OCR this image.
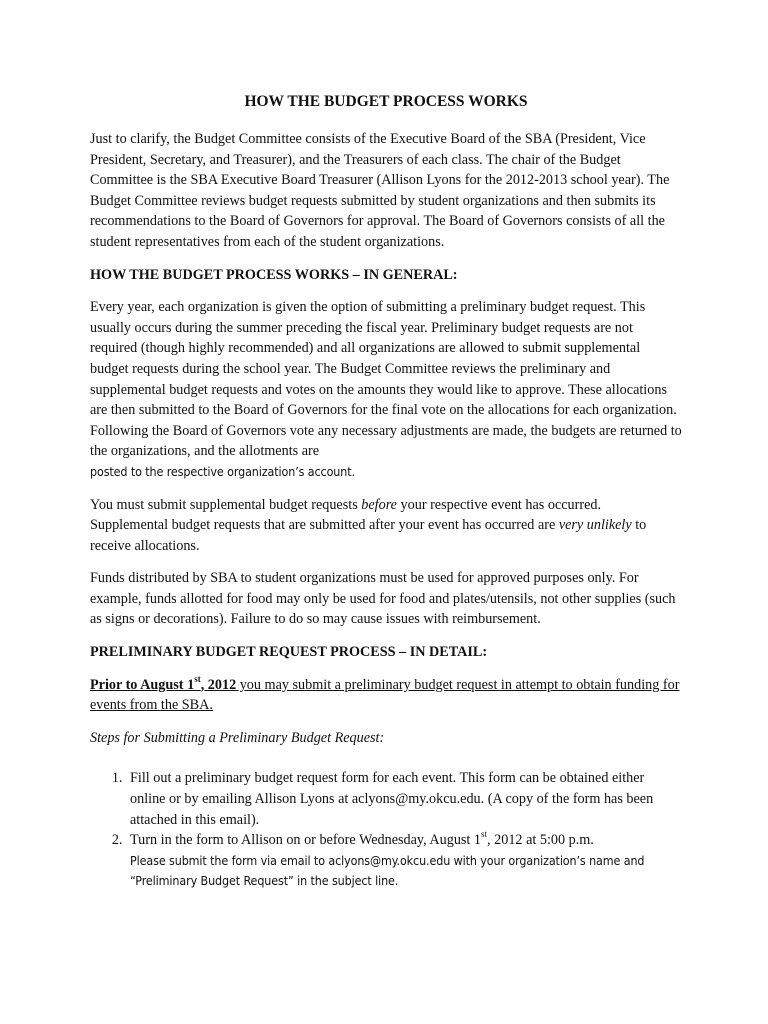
HOW THE BUDGET PROCESS WORKS

Just to clarify, the Budget Committee consists of the Executive Board of the SBA (President, Vice President, Secretary, and Treasurer), and the Treasurers of each class. The chair of the Budget Committee is the SBA Executive Board Treasurer (Allison Lyons for the 2012-2013 school year). The Budget Committee reviews budget requests submitted by student organizations and then submits its recommendations to the Board of Governors for approval. The Board of Governors consists of all the student representatives from each of the student organizations.

HOW THE BUDGET PROCESS WORKS – IN GENERAL:

Every year, each organization is given the option of submitting a preliminary budget request. This usually occurs during the summer preceding the fiscal year. Preliminary budget requests are not required (though highly recommended) and all organizations are allowed to submit supplemental budget requests during the school year. The Budget Committee reviews the preliminary and supplemental budget requests and votes on the amounts they would like to approve. These allocations are then submitted to the Board of Governors for the final vote on the allocations for each organization. Following the Board of Governors vote any necessary adjustments are made, the budgets are returned to the organizations, and the allotments are
posted to the respective organization’s account.

You must submit supplemental budget requests before your respective event has occurred. Supplemental budget requests that are submitted after your event has occurred are very unlikely to receive allocations.

Funds distributed by SBA to student organizations must be used for approved purposes only. For example, funds allotted for food may only be used for food and plates/utensils, not other supplies (such as signs or decorations). Failure to do so may cause issues with reimbursement.

PRELIMINARY BUDGET REQUEST PROCESS – IN DETAIL:

Prior to August 1st, 2012 you may submit a preliminary budget request in attempt to obtain funding for events from the SBA.

Steps for Submitting a Preliminary Budget Request:

1. Fill out a preliminary budget request form for each event. This form can be obtained either online or by emailing Allison Lyons at aclyons@my.okcu.edu. (A copy of the form has been attached in this email).
2. Turn in the form to Allison on or before Wednesday, August 1st, 2012 at 5:00 p.m.
Please submit the form via email to aclyons@my.okcu.edu with your organization’s name and “Preliminary Budget Request” in the subject line.
